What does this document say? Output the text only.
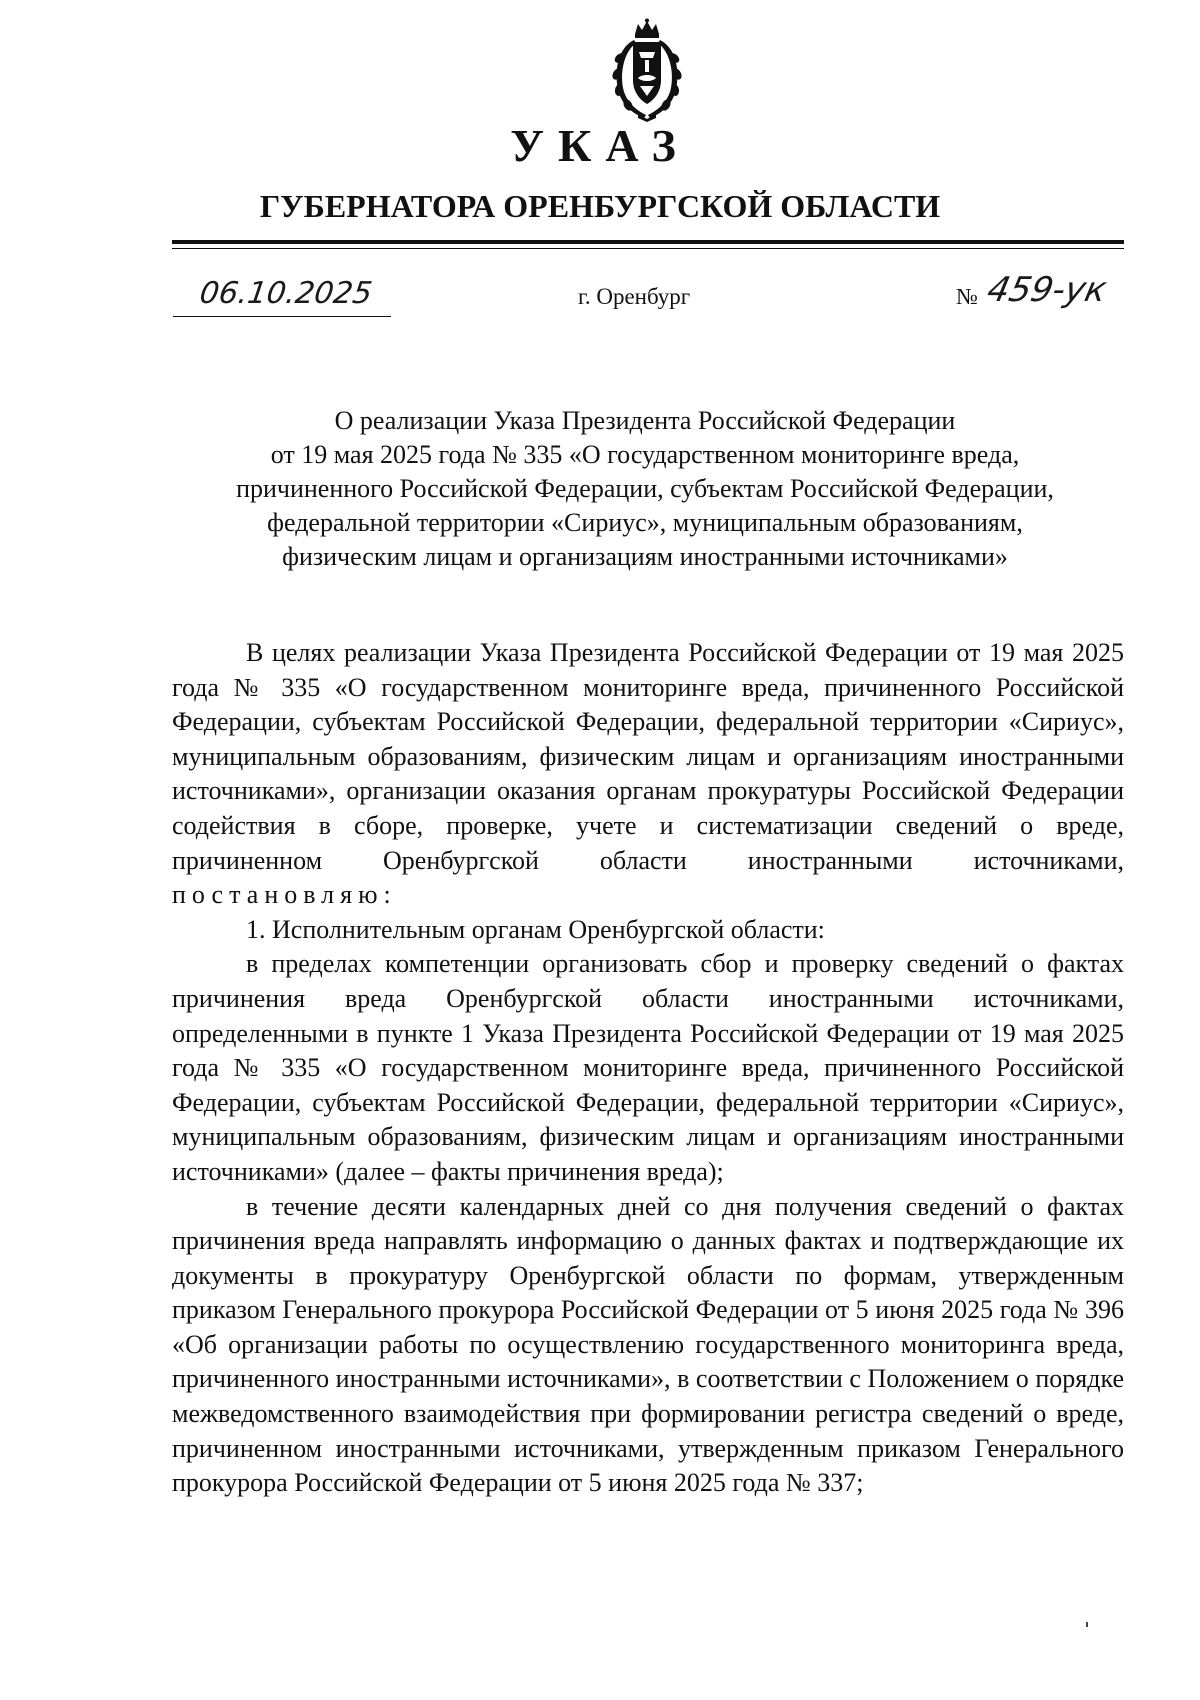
УКАЗ
ГУБЕРНАТОРА ОРЕНБУРГСКОЙ ОБЛАСТИ
06.10.2025	г. Оренбург	№ 459-ук
О реализации Указа Президента Российской Федерации
от 19 мая 2025 года № 335 «О государственном мониторинге вреда,
причиненного Российской Федерации, субъектам Российской Федерации,
федеральной территории «Сириус», муниципальным образованиям,
физическим лицам и организациям иностранными источниками»

В целях реализации Указа Президента Российской Федерации от 19 мая 2025 года № 335 «О государственном мониторинге вреда, причиненного Российской Федерации, субъектам Российской Федерации, федеральной территории «Сириус», муниципальным образованиям, физическим лицам и организациям иностранными источниками», организации оказания органам прокуратуры Российской Федерации содействия в сборе, проверке, учете и систематизации сведений о вреде, причиненном Оренбургской области иностранными источниками, постановляю:

1. Исполнительным органам Оренбургской области:

в пределах компетенции организовать сбор и проверку сведений о фактах причинения вреда Оренбургской области иностранными источниками, определенными в пункте 1 Указа Президента Российской Федерации от 19 мая 2025 года № 335 «О государственном мониторинге вреда, причиненного Российской Федерации, субъектам Российской Федерации, федеральной территории «Сириус», муниципальным образованиям, физическим лицам и организациям иностранными источниками» (далее – факты причинения вреда);

в течение десяти календарных дней со дня получения сведений о фактах причинения вреда направлять информацию о данных фактах и подтверждающие их документы в прокуратуру Оренбургской области по формам, утвержденным приказом Генерального прокурора Российской Федерации от 5 июня 2025 года № 396 «Об организации работы по осуществлению государственного мониторинга вреда, причиненного иностранными источниками», в соответствии с Положением о порядке межведомственного взаимодействия при формировании регистра сведений о вреде, причиненном иностранными источниками, утвержденным приказом Генерального прокурора Российской Федерации от 5 июня 2025 года № 337;
